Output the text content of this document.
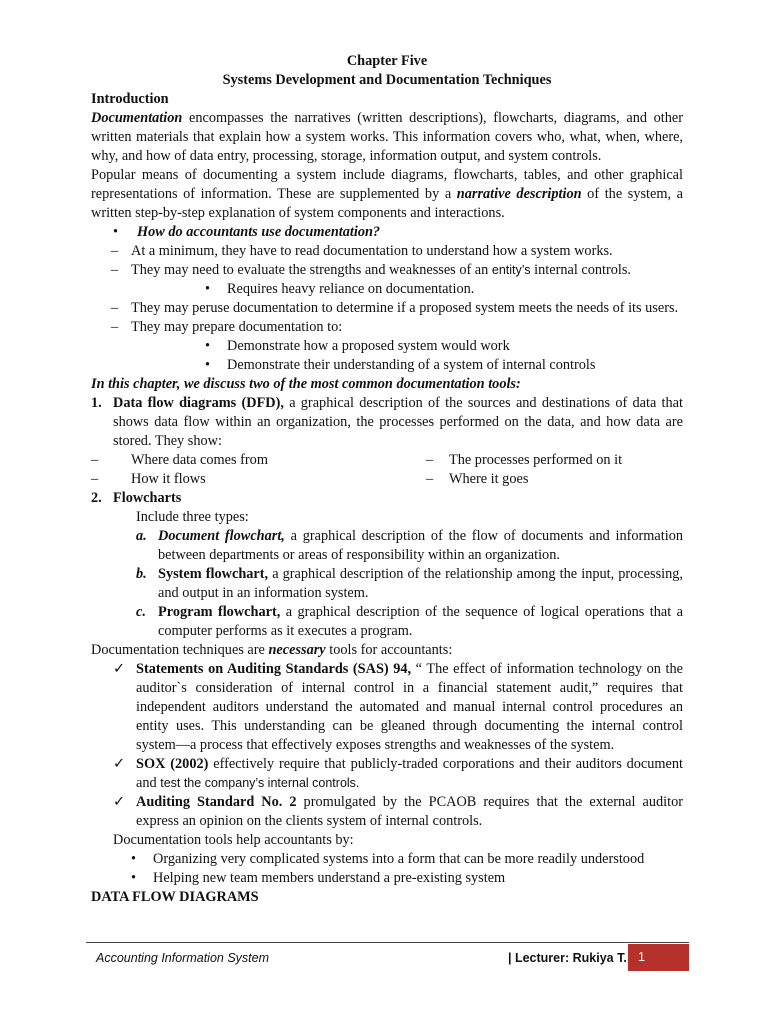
Chapter Five

Systems Development and Documentation Techniques

Introduction

Documentation encompasses the narratives (written descriptions), flowcharts, diagrams, and other written materials that explain how a system works. This information covers who, what, when, where, why, and how of data entry, processing, storage, information output, and system controls.

Popular means of documenting a system include diagrams, flowcharts, tables, and other graphical representations of information. These are supplemented by a narrative description of the system, a written step-by-step explanation of system components and interactions.

• How do accountants use documentation?
– At a minimum, they have to read documentation to understand how a system works.
– They may need to evaluate the strengths and weaknesses of an entity’s internal controls.
• Requires heavy reliance on documentation.
– They may peruse documentation to determine if a proposed system meets the needs of its users.
– They may prepare documentation to:
• Demonstrate how a proposed system would work
• Demonstrate their understanding of a system of internal controls

In this chapter, we discuss two of the most common documentation tools:

1. Data flow diagrams (DFD), a graphical description of the sources and destinations of data that shows data flow within an organization, the processes performed on the data, and how data are stored. They show:
– Where data comes from	– The processes performed on it
– How it flows	– Where it goes
2. Flowcharts

Include three types:

a. Document flowchart, a graphical description of the flow of documents and information between departments or areas of responsibility within an organization.
b. System flowchart, a graphical description of the relationship among the input, processing, and output in an information system.
c. Program flowchart, a graphical description of the sequence of logical operations that a computer performs as it executes a program.

Documentation techniques are necessary tools for accountants:

✓ Statements on Auditing Standards (SAS) 94, “ The effect of information technology on the auditor`s consideration of internal control in a financial statement audit,” requires that independent auditors understand the automated and manual internal control procedures an entity uses. This understanding can be gleaned through documenting the internal control system—a process that effectively exposes strengths and weaknesses of the system.
✓ SOX (2002) effectively require that publicly-traded corporations and their auditors document and test the company’s internal controls.
✓ Auditing Standard No. 2 promulgated by the PCAOB requires that the external auditor express an opinion on the clients system of internal controls.

Documentation tools help accountants by:

• Organizing very complicated systems into a form that can be more readily understood
• Helping new team members understand a pre-existing system

DATA FLOW DIAGRAMS

Accounting Information System	| Lecturer: Rukiya T. 1
